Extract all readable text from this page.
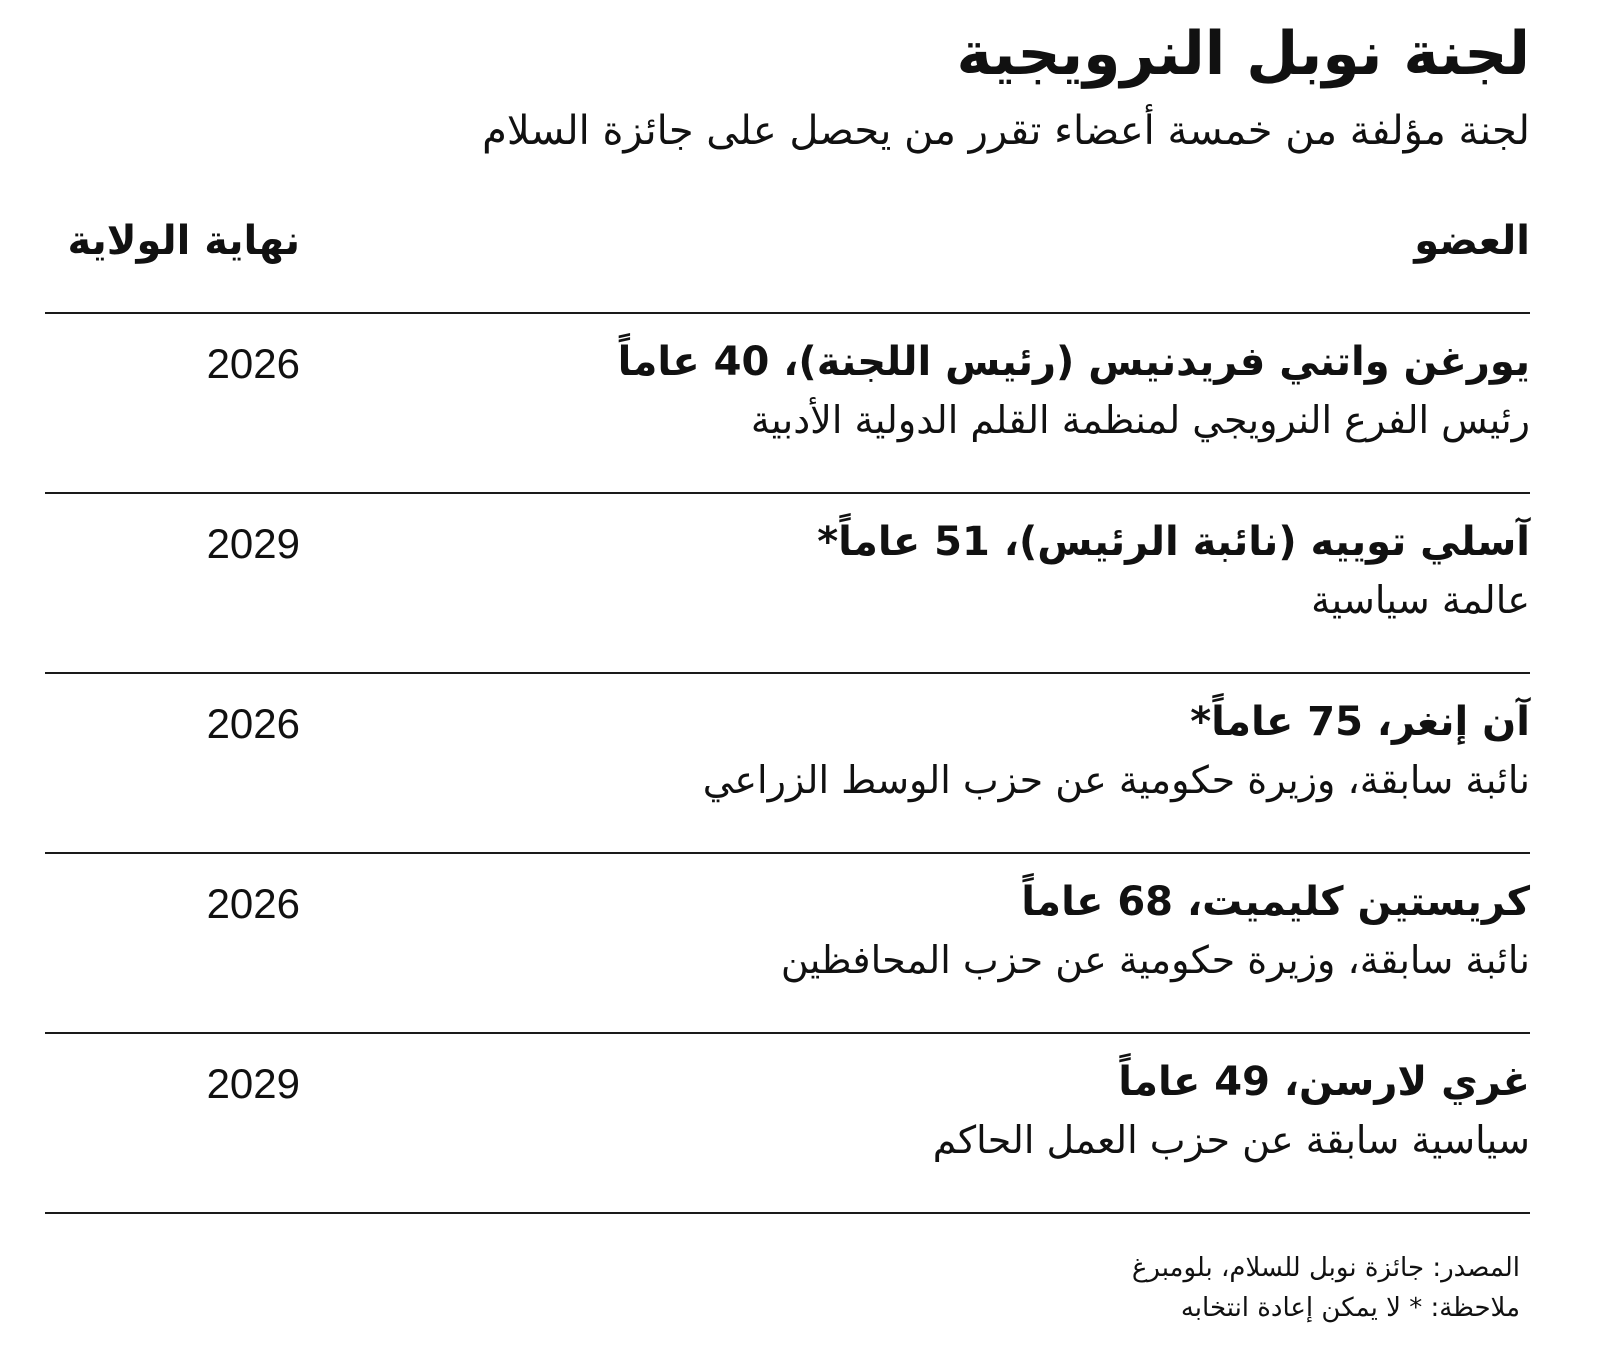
لجنة نوبل النرويجية

لجنة مؤلفة من خمسة أعضاء تقرر من يحصل على جائزة السلام

العضو
نهاية الولاية
يورغن واتني فريدنيس (رئيس اللجنة)، 40 عاماً
رئيس الفرع النرويجي لمنظمة القلم الدولية الأدبية
2026
آسلي توييه (نائبة الرئيس)، 51 عاماً*
عالمة سياسية
2029
آن إنغر، 75 عاماً*
نائبة سابقة، وزيرة حكومية عن حزب الوسط الزراعي
2026
كريستين كليميت، 68 عاماً
نائبة سابقة، وزيرة حكومية عن حزب المحافظين
2026
غري لارسن، 49 عاماً
سياسية سابقة عن حزب العمل الحاكم
2029
المصدر: جائزة نوبل للسلام، بلومبرغ
ملاحظة: * لا يمكن إعادة انتخابه
